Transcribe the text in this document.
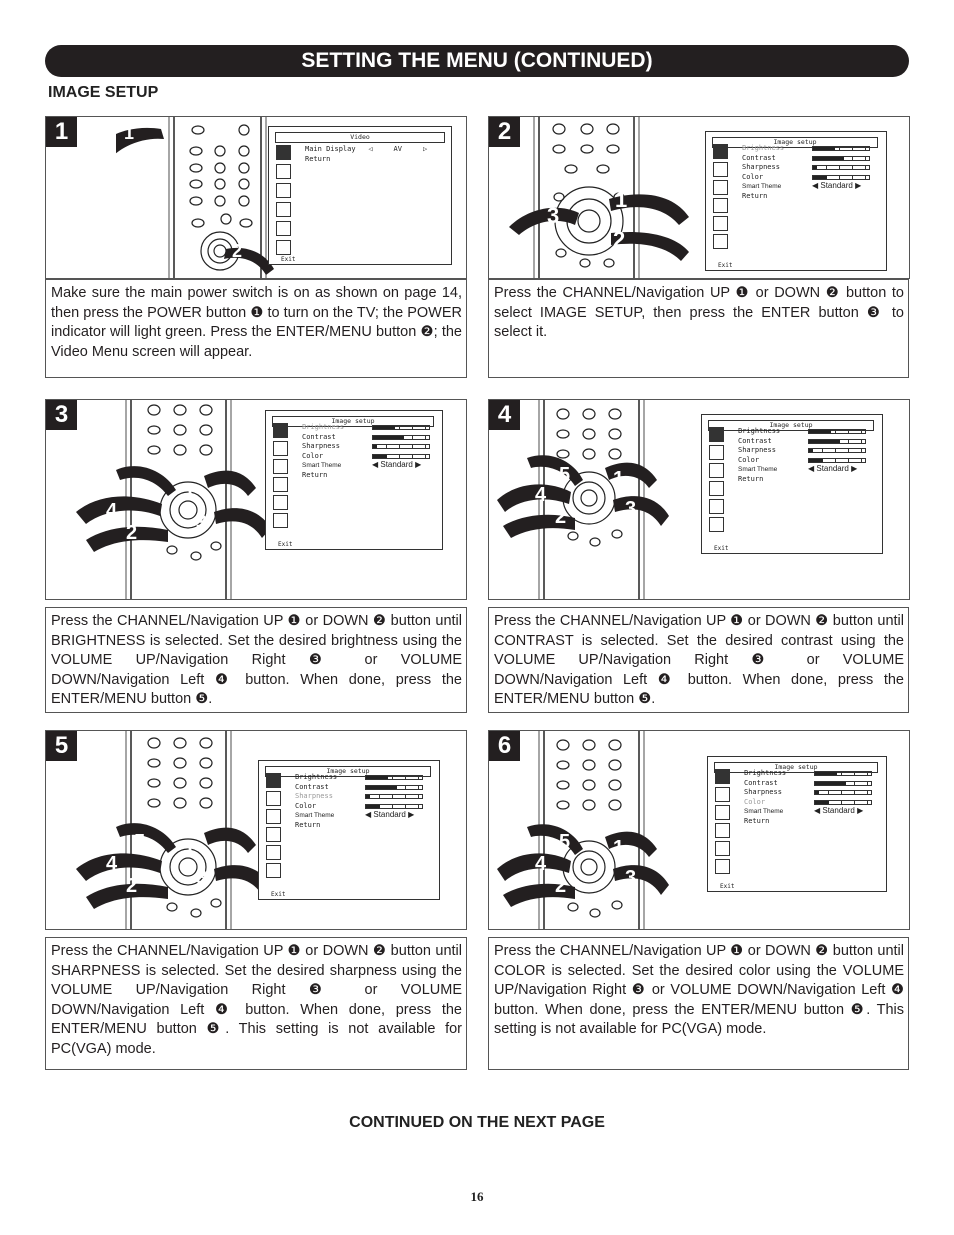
SETTING THE MENU (CONTINUED)
IMAGE SETUP
1	1
2
Video
Main Display ◁	AV	▷
Return
Exit
Make sure the main power switch is on as shown on page 14, then press the POWER button ❶ to turn on the TV; the POWER indicator will light green. Press the ENTER/MENU button ❷; the Video Menu screen will appear.
2
1
2
3
Image setup
Brightness
Contrast
Sharpness
Color
Smart Theme
Return
◀ Standard ▶
Exit
Press the CHANNEL/Navigation UP ❶ or DOWN ❷ button to select IMAGE SETUP, then press the ENTER button ❸ to select it.
3
5 1
4
3
2
Image setup
Brightness
Contrast
Sharpness
Color
Smart Theme
Return
◀ Standard ▶
Exit
Press the CHANNEL/Navigation UP ❶ or DOWN ❷ button until BRIGHTNESS is selected. Set the desired brightness using the VOLUME UP/Navigation Right ❸ or VOLUME DOWN/Navigation Left ❹ button. When done, press the ENTER/MENU button ❺.
4
5 1
4
3
2
Image setup
Brightness
Contrast
Sharpness
Color
Smart Theme
Return
◀ Standard ▶
Exit
Press the CHANNEL/Navigation UP ❶ or DOWN ❷ button until CONTRAST is selected. Set the desired contrast using the VOLUME UP/Navigation Right ❸ or VOLUME DOWN/Navigation Left ❹ button. When done, press the ENTER/MENU button ❺.
5
5 1
4
3
2
Image setup
Brightness
Contrast
Sharpness
Color
Smart Theme
Return
◀ Standard ▶
Exit
Press the CHANNEL/Navigation UP ❶ or DOWN ❷ button until SHARPNESS is selected. Set the desired sharpness using the VOLUME UP/Navigation Right ❸ or VOLUME DOWN/Navigation Left ❹ button. When done, press the ENTER/MENU button ❺. This setting is not available for PC(VGA) mode.
6
5 1
4
3
2
Image setup
Brightness
Contrast
Sharpness
Color
Smart Theme
Return
◀ Standard ▶
Exit
Press the CHANNEL/Navigation UP ❶ or DOWN ❷ button until COLOR is selected. Set the desired color using the VOLUME UP/Navigation Right ❸ or VOLUME DOWN/Navigation Left ❹ button. When done, press the ENTER/MENU button ❺. This setting is not available for PC(VGA) mode.
CONTINUED ON THE NEXT PAGE
16
